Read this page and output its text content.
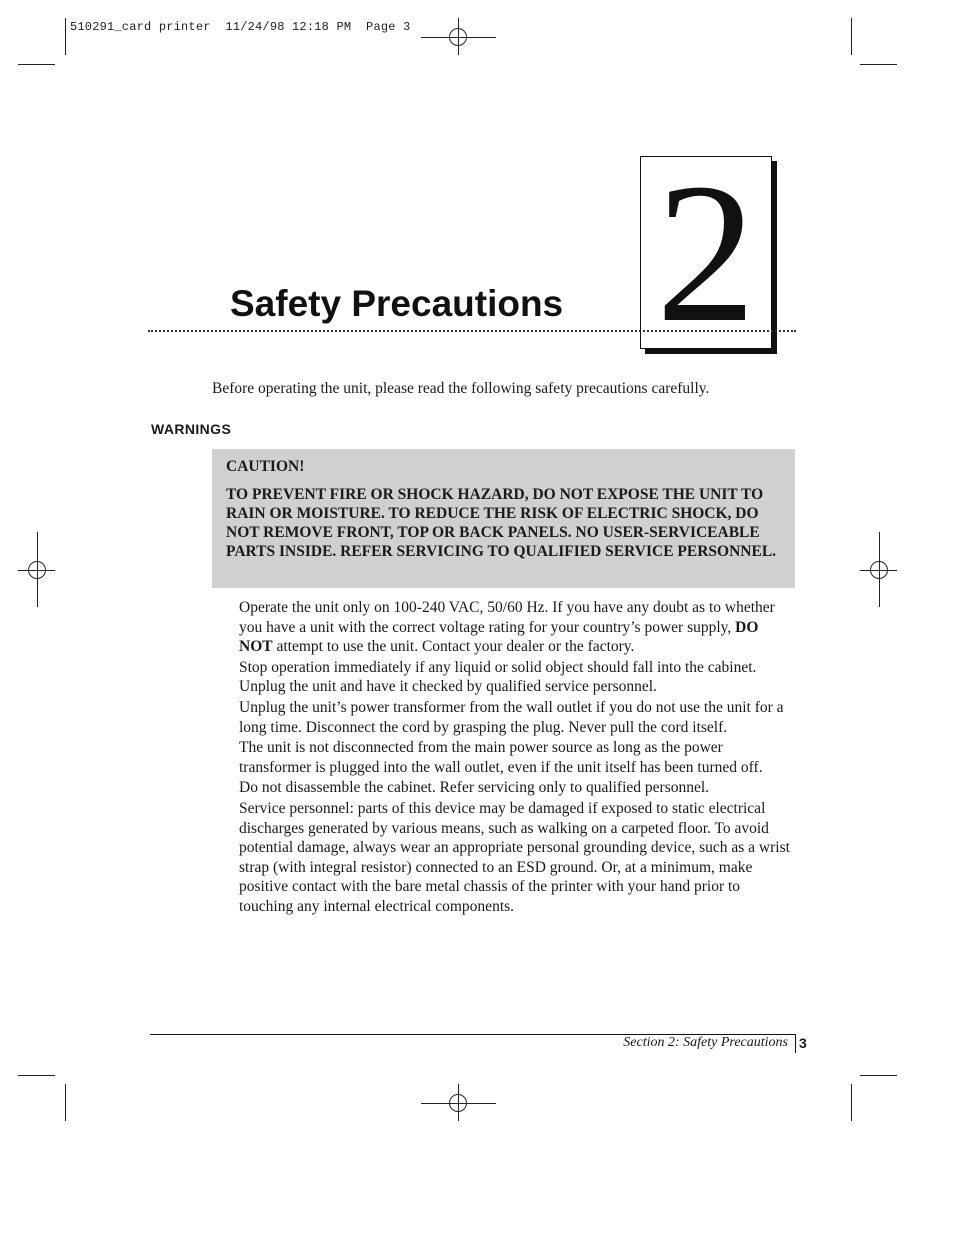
510291_card printer  11/24/98 12:18 PM  Page 3
2
Safety Precautions
Before operating the unit, please read the following safety precautions carefully.
WARNINGS
CAUTION!
TO PREVENT FIRE OR SHOCK HAZARD, DO NOT EXPOSE THE UNIT TO RAIN OR MOISTURE. TO REDUCE THE RISK OF ELECTRIC SHOCK, DO NOT REMOVE FRONT, TOP OR BACK PANELS. NO USER-SERVICEABLE PARTS INSIDE. REFER SERVICING TO QUALIFIED SERVICE PERSONNEL.

Operate the unit only on 100-240 VAC, 50/60 Hz. If you have any doubt as to whether you have a unit with the correct voltage rating for your country’s power supply, DO NOT attempt to use the unit. Contact your dealer or the factory.

Stop operation immediately if any liquid or solid object should fall into the cabinet. Unplug the unit and have it checked by qualified service personnel.

Unplug the unit’s power transformer from the wall outlet if you do not use the unit for a long time. Disconnect the cord by grasping the plug. Never pull the cord itself.

The unit is not disconnected from the main power source as long as the power transformer is plugged into the wall outlet, even if the unit itself has been turned off.

Do not disassemble the cabinet. Refer servicing only to qualified personnel.

Service personnel: parts of this device may be damaged if exposed to static electrical discharges generated by various means, such as walking on a carpeted floor. To avoid potential damage, always wear an appropriate personal grounding device, such as a wrist strap (with integral resistor) connected to an ESD ground. Or, at a minimum, make positive contact with the bare metal chassis of the printer with your hand prior to touching any internal electrical components.

Section 2: Safety Precautions 3
